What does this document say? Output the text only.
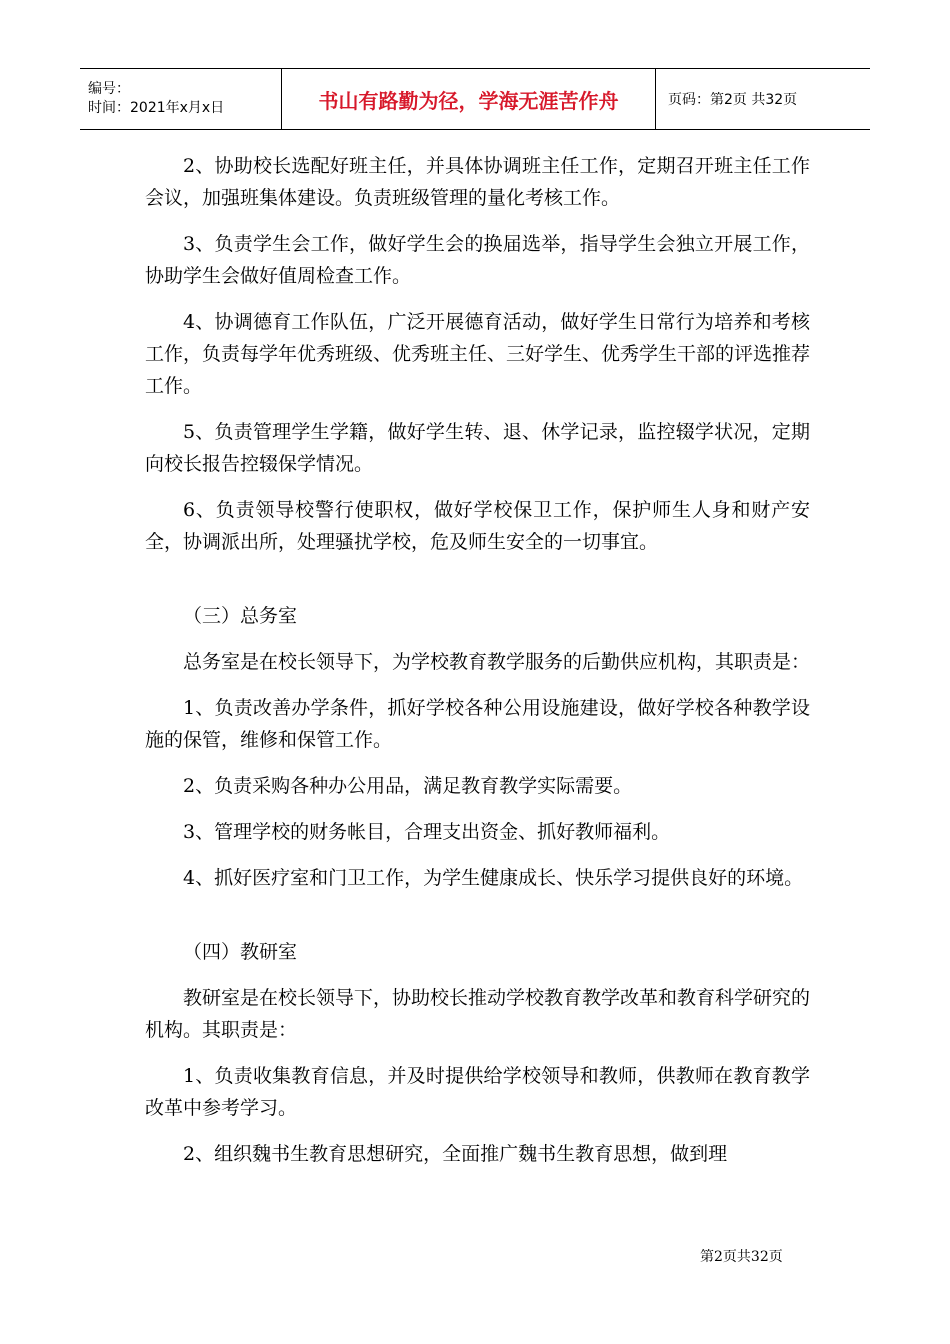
编号：
时间：2021年x月x日	书山有路勤为径，学海无涯苦作舟	页码：第2页 共32页

2、协助校长选配好班主任，并具体协调班主任工作，定期召开班主任工作会议，加强班集体建设。负责班级管理的量化考核工作。

3、负责学生会工作，做好学生会的换届选举，指导学生会独立开展工作，协助学生会做好值周检查工作。

4、协调德育工作队伍，广泛开展德育活动，做好学生日常行为培养和考核工作，负责每学年优秀班级、优秀班主任、三好学生、优秀学生干部的评选推荐工作。

5、负责管理学生学籍，做好学生转、退、休学记录，监控辍学状况，定期向校长报告控辍保学情况。

6、负责领导校警行使职权，做好学校保卫工作，保护师生人身和财产安全，协调派出所，处理骚扰学校，危及师生安全的一切事宜。

（三）总务室

总务室是在校长领导下，为学校教育教学服务的后勤供应机构，其职责是：

1、负责改善办学条件，抓好学校各种公用设施建设，做好学校各种教学设施的保管，维修和保管工作。

2、负责采购各种办公用品，满足教育教学实际需要。

3、管理学校的财务帐目，合理支出资金、抓好教师福利。

4、抓好医疗室和门卫工作，为学生健康成长、快乐学习提供良好的环境。

（四）教研室

教研室是在校长领导下，协助校长推动学校教育教学改革和教育科学研究的机构。其职责是：

1、负责收集教育信息，并及时提供给学校领导和教师，供教师在教育教学改革中参考学习。

2、组织魏书生教育思想研究，全面推广魏书生教育思想，做到理

第2页共32页
